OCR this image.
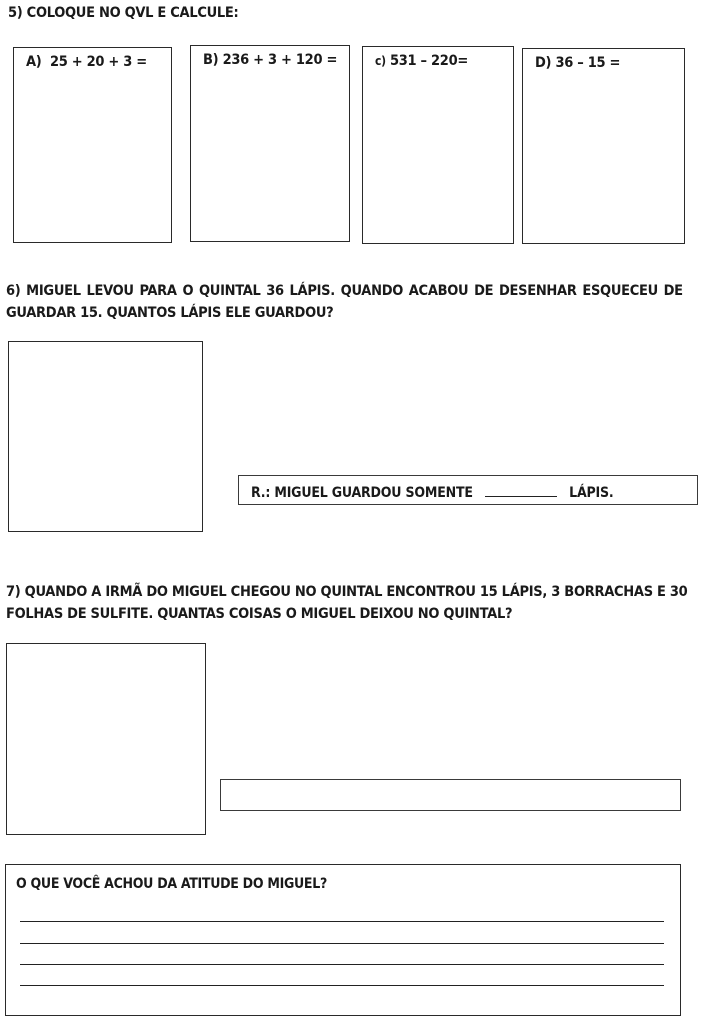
5) COLOQUE NO QVL E CALCULE:
A) 25 + 20 + 3 =	B) 236 + 3 + 120 =	c) 531 – 220=	D) 36 – 15 =
6) MIGUEL LEVOU PARA O QUINTAL 36 LÁPIS. QUANDO ACABOU DE DESENHAR ESQUECEU DE
GUARDAR 15. QUANTOS LÁPIS ELE GUARDOU?
R.: MIGUEL GUARDOU SOMENTE	LÁPIS.
7) QUANDO A IRMÃ DO MIGUEL CHEGOU NO QUINTAL ENCONTROU 15 LÁPIS, 3 BORRACHAS E 30
FOLHAS DE SULFITE. QUANTAS COISAS O MIGUEL DEIXOU NO QUINTAL?
O QUE VOCÊ ACHOU DA ATITUDE DO MIGUEL?
